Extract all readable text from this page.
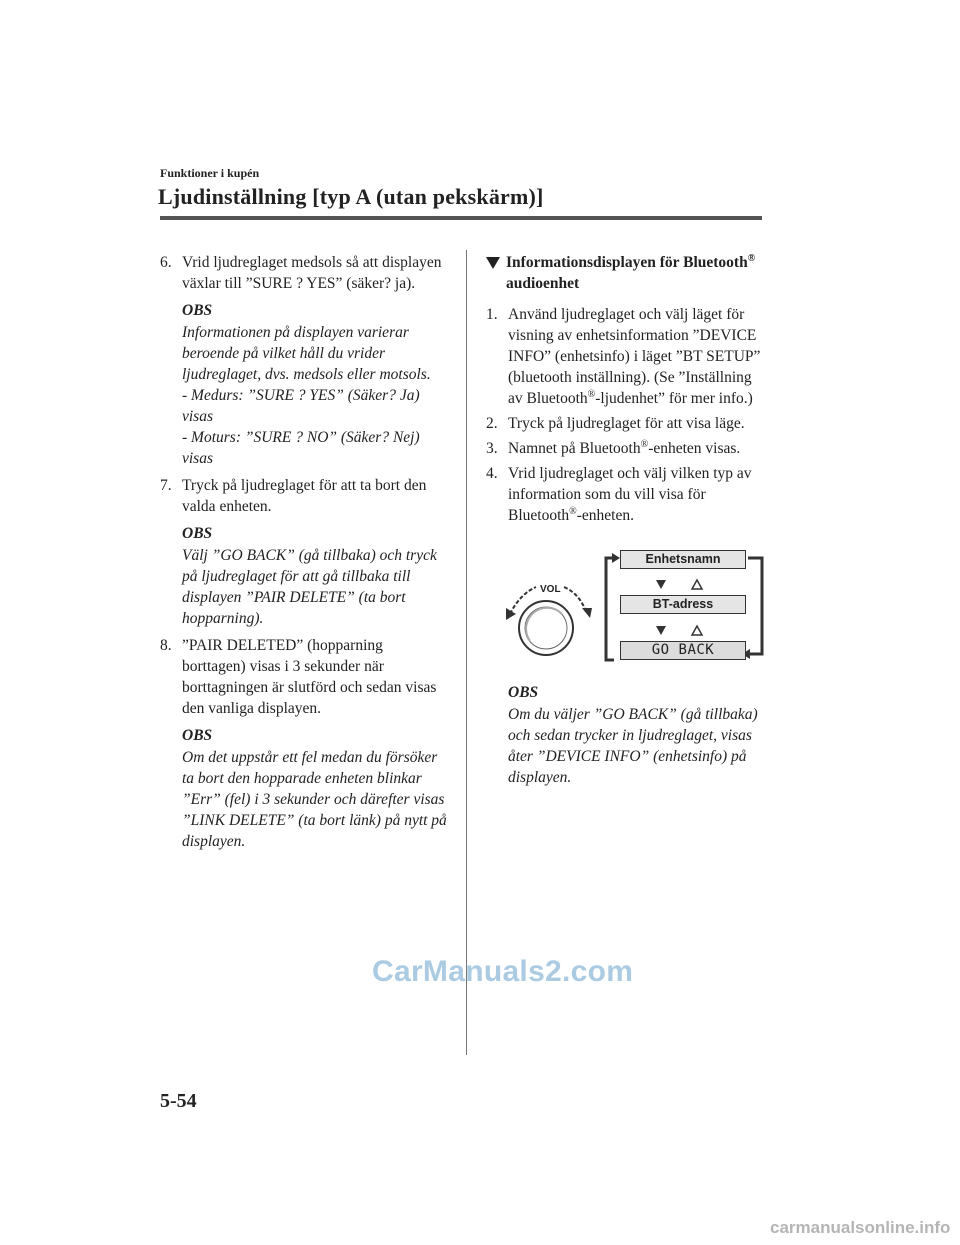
Funktioner i kupén
Ljudinställning [typ A (utan pekskärm)]
6. Vrid ljudreglaget medsols så att displayen växlar till ”SURE ? YES” (säker? ja).
OBS

Informationen på displayen varierar beroende på vilket håll du vrider ljudreglaget, dvs. medsols eller motsols.

- Medurs: ”SURE ? YES” (Säker? Ja) visas

- Moturs: ”SURE ? NO” (Säker? Nej) visas

7. Tryck på ljudreglaget för att ta bort den valda enheten.
OBS

Välj ”GO BACK” (gå tillbaka) och tryck på ljudreglaget för att gå tillbaka till displayen ”PAIR DELETE” (ta bort hopparning).

8. ”PAIR DELETED” (hopparning borttagen) visas i 3 sekunder när borttagningen är slutförd och sedan visas den vanliga displayen.
OBS

Om det uppstår ett fel medan du försöker ta bort den hopparade enheten blinkar ”Err” (fel) i 3 sekunder och därefter visas ”LINK DELETE” (ta bort länk) på nytt på displayen.

Informationsdisplayen för Bluetooth® audioenhet
1. Använd ljudreglaget och välj läget för visning av enhetsinformation ”DEVICE INFO” (enhetsinfo) i läget ”BT SETUP” (bluetooth inställning). (Se ”Inställning av Bluetooth®-ljudenhet” för mer info.)
2. Tryck på ljudreglaget för att visa läge.
3. Namnet på Bluetooth®-enheten visas.
4. Vrid ljudreglaget och välj vilken typ av information som du vill visa för Bluetooth®-enheten.
VOL
Enhetsnamn
BT-adress
GO BACK
OBS

Om du väljer ”GO BACK” (gå tillbaka) och sedan trycker in ljudreglaget, visas åter ”DEVICE INFO” (enhetsinfo) på displayen.

5-54
CarManuals2.com
carmanualsonline.info
